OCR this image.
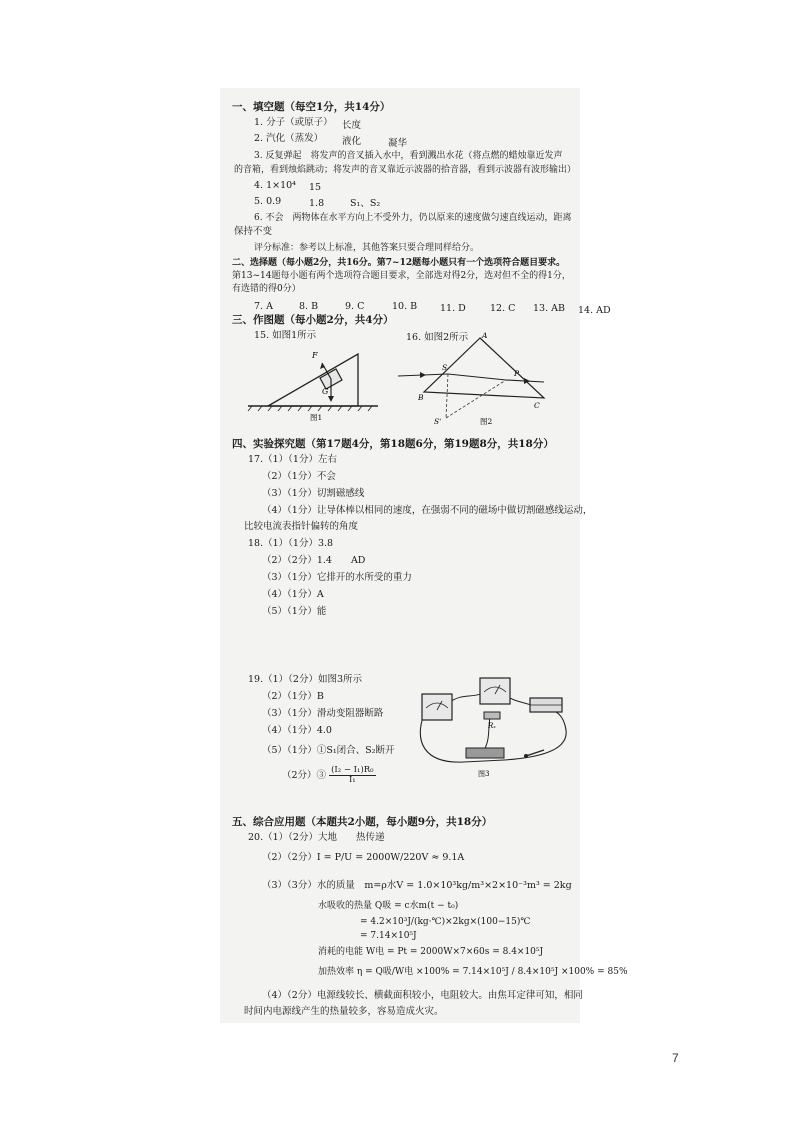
一、填空题（每空1分，共14分）
1. 分子（或原子） 长度
2. 汽化（蒸发） 液化	凝华
3. 反复弹起　将发声的音叉插入水中，看到溅出水花（将点燃的蜡烛靠近发声
的音箱，看到烛焰跳动；将发声的音叉靠近示波器的拾音器，看到示波器有波形输出）
4. 1×10⁴ 15
5. 0.9	1.8	S₁、S₂
6. 不会　两物体在水平方向上不受外力，仍以原来的速度做匀速直线运动，距离
保持不变
评分标准：参考以上标准，其他答案只要合理同样给分。
二、选择题（每小题2分，共16分。第7~12题每小题只有一个选项符合题目要求。
第13~14题每小题有两个选项符合题目要求，全部选对得2分，选对但不全的得1分，
有选错的得0分）
7. A	8. B	9. C	10. B 11. D	12. C 13. AB 14. AD
三、作图题（每小题2分，共4分）
15. 如图1所示	16. 如图2所示
F
G
图1
A
B
C
S
S'
P
图2
四、实验探究题（第17题4分，第18题6分，第19题8分，共18分）
17.（1）（1分）左右
（2）（1分）不会
（3）（1分）切割磁感线
（4）（1分）让导体棒以相同的速度，在强弱不同的磁场中做切割磁感线运动，
比较电流表指针偏转的角度
18.（1）（1分）3.8
（2）（2分）1.4　　AD
（3）（1分）它排开的水所受的重力
（4）（1分）A
（5）（1分）能
19.（1）（2分）如图3所示
（2）（1分）B
（3）（1分）滑动变阻器断路
（4）（1分）4.0
（5）（1分）①S₁闭合、S₂断开
（2分）③ $\frac{\text{(I₂ − I₁)R₀}}{\text{I₁}}$
Rₓ
图3
五、综合应用题（本题共2小题，每小题9分，共18分）
20.（1）（2分）大地　　热传递
（2）（2分）I = P/U = 2000W/220V ≈ 9.1A
（3）（3分）水的质量　m=ρ水V = 1.0×10³kg/m³×2×10⁻³m³ = 2kg
水吸收的热量 Q吸 = c水m(t − t₀)
= 4.2×10³J/(kg·℃)×2kg×(100−15)℃
= 7.14×10⁵J
消耗的电能 W电 = Pt = 2000W×7×60s = 8.4×10⁵J
加热效率 η = Q吸/W电 ×100% = 7.14×10⁵J / 8.4×10⁵J ×100% = 85%
（4）（2分）电源线较长、横截面积较小，电阻较大。由焦耳定律可知，相同
时间内电源线产生的热量较多，容易造成火灾。
7
